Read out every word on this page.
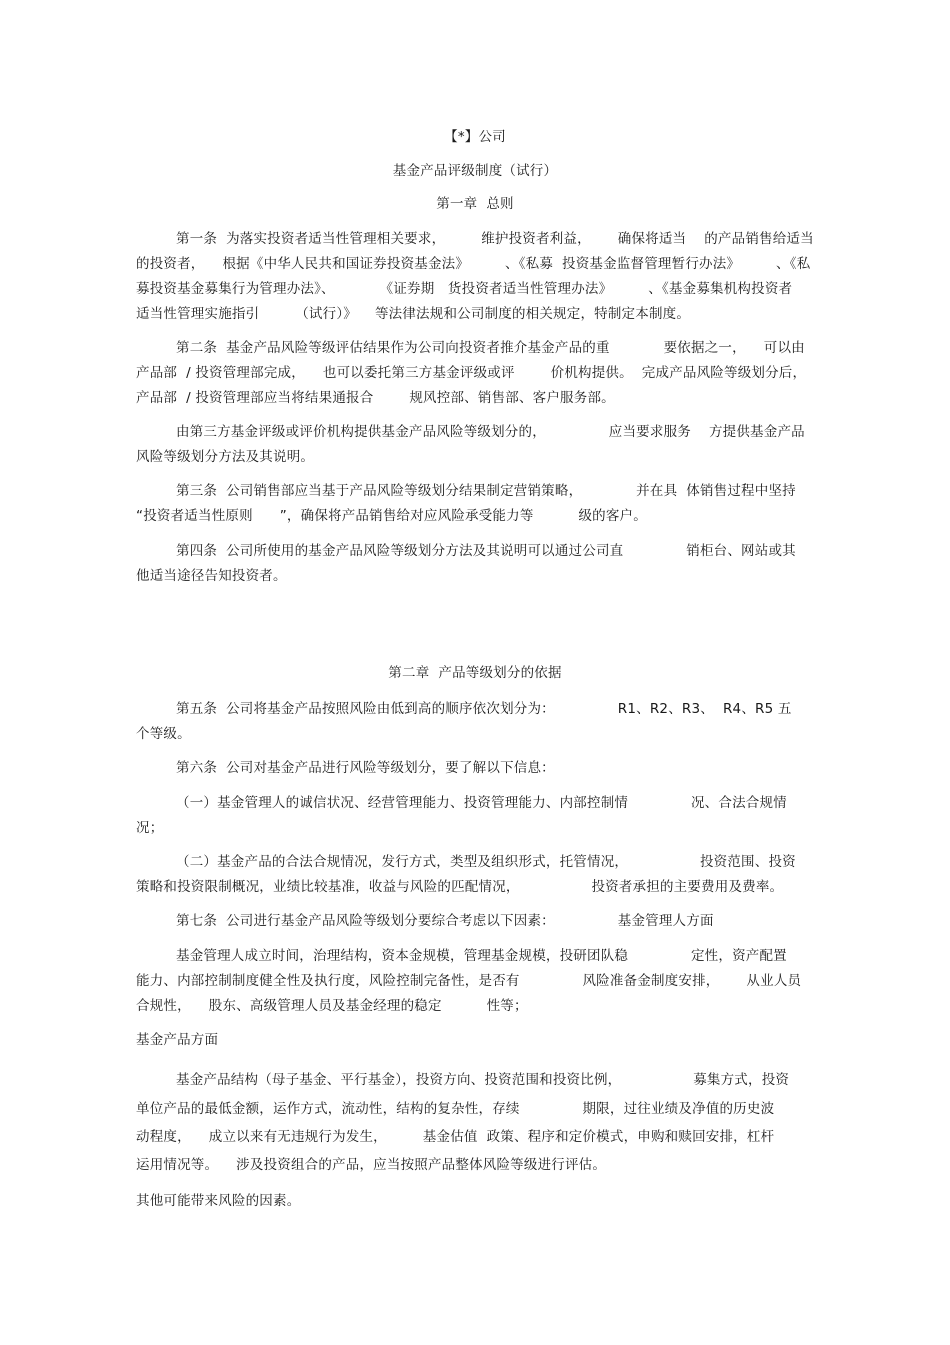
【*】公司
基金产品评级制度（试行）
第一章  总则
第一条  为落实投资者适当性管理相关要求，        维护投资者利益，      确保将适当    的产品销售给适当
的投资者，    根据《中华人民共和国证券投资基金法》        、《私募  投资基金监督管理暂行办法》        、《私
募投资基金募集行为管理办法》、          《证券期   货投资者适当性管理办法》        、《基金募集机构投资者
适当性管理实施指引        （试行）》    等法律法规和公司制度的相关规定，特制定本制度。
第二条  基金产品风险等级评估结果作为公司向投资者推介基金产品的重            要依据之一，    可以由
产品部  / 投资管理部完成，    也可以委托第三方基金评级或评        价机构提供。  完成产品风险等级划分后，
产品部  / 投资管理部应当将结果通报合        规风控部、销售部、客户服务部。
由第三方基金评级或评价机构提供基金产品风险等级划分的，              应当要求服务    方提供基金产品
风险等级划分方法及其说明。
第三条  公司销售部应当基于产品风险等级划分结果制定营销策略，            并在具  体销售过程中坚持
“投资者适当性原则      ”，确保将产品销售给对应风险承受能力等          级的客户。
第四条  公司所使用的基金产品风险等级划分方法及其说明可以通过公司直              销柜台、网站或其
他适当途径告知投资者。
第二章  产品等级划分的依据
第五条  公司将基金产品按照风险由低到高的顺序依次划分为：              R1、R2、R3、  R4、R5 五
个等级。
第六条  公司对基金产品进行风险等级划分，要了解以下信息：
（一）基金管理人的诚信状况、经营管理能力、投资管理能力、内部控制情              况、合法合规情
况；
（二）基金产品的合法合规情况，发行方式，类型及组织形式，托管情况，                投资范围、投资
策略和投资限制概况，业绩比较基准，收益与风险的匹配情况，                投资者承担的主要费用及费率。
第七条  公司进行基金产品风险等级划分要综合考虑以下因素：              基金管理人方面
基金管理人成立时间，治理结构，资本金规模，管理基金规模，投研团队稳              定性，资产配置
能力、内部控制制度健全性及执行度，风险控制完备性，是否有              风险准备金制度安排，      从业人员
合规性，    股东、高级管理人员及基金经理的稳定          性等；
基金产品方面
基金产品结构（母子基金、平行基金），投资方向、投资范围和投资比例，                募集方式，投资
单位产品的最低金额，运作方式，流动性，结构的复杂性，存续              期限，过往业绩及净值的历史波
动程度，    成立以来有无违规行为发生，        基金估值  政策、程序和定价模式，申购和赎回安排，杠杆
运用情况等。    涉及投资组合的产品，应当按照产品整体风险等级进行评估。
其他可能带来风险的因素。
